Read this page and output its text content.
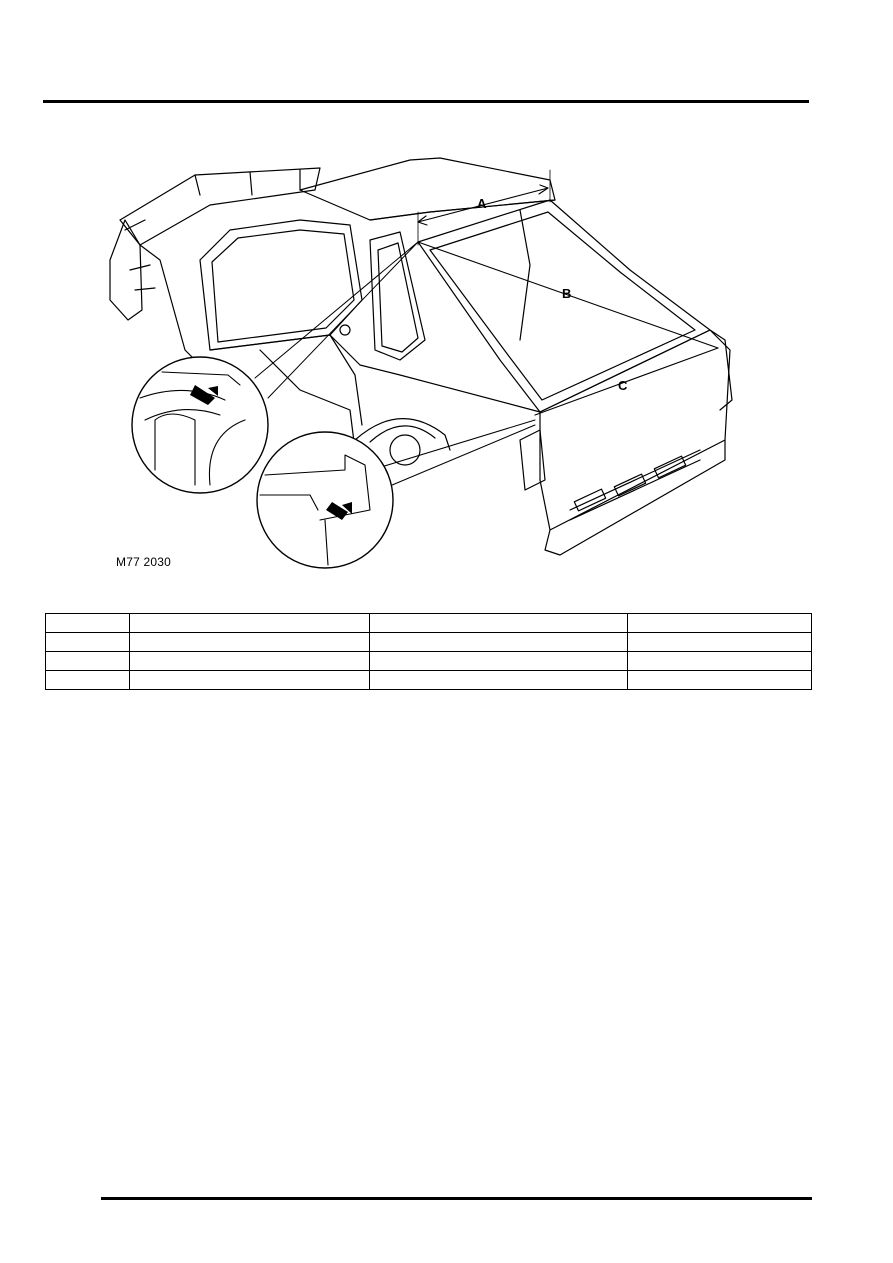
A
B
C
M77 2030
